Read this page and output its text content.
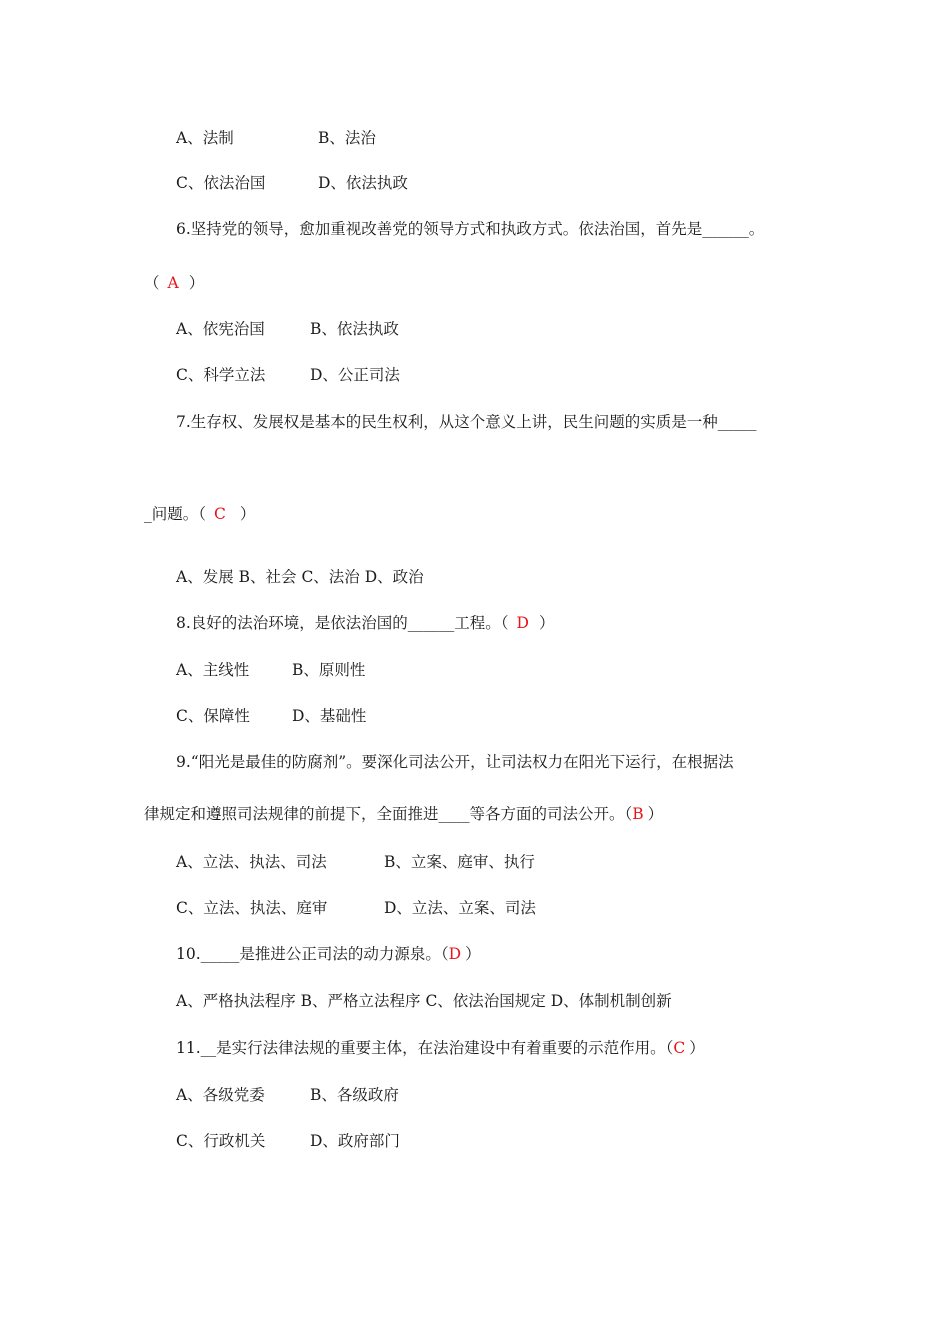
A、法制	B、法治
C、依法治国	D、依法执政
6.坚持党的领导，愈加重视改善党的领导方式和执政方式。依法治国，首先是______。
（ A ）
A、依宪治国	B、依法执政
C、科学立法	D、公正司法
7.生存权、发展权是基本的民生权利，从这个意义上讲，民生问题的实质是一种_____
_问题。（ C ）
A、发展 B、社会 C、法治 D、政治
8.良好的法治环境，是依法治国的______工程。（ D ）
A、主线性	B、原则性
C、保障性	D、基础性
9.“阳光是最佳的防腐剂”。要深化司法公开，让司法权力在阳光下运行，在根据法
律规定和遵照司法规律的前提下，全面推进____等各方面的司法公开。（B ）
A、立法、执法、司法	B、立案、庭审、执行
C、立法、执法、庭审	D、立法、立案、司法
10._____是推进公正司法的动力源泉。（D ）
A、严格执法程序 B、严格立法程序 C、依法治国规定 D、体制机制创新
11.__是实行法律法规的重要主体，在法治建设中有着重要的示范作用。（C ）
A、各级党委	B、各级政府
C、行政机关	D、政府部门
